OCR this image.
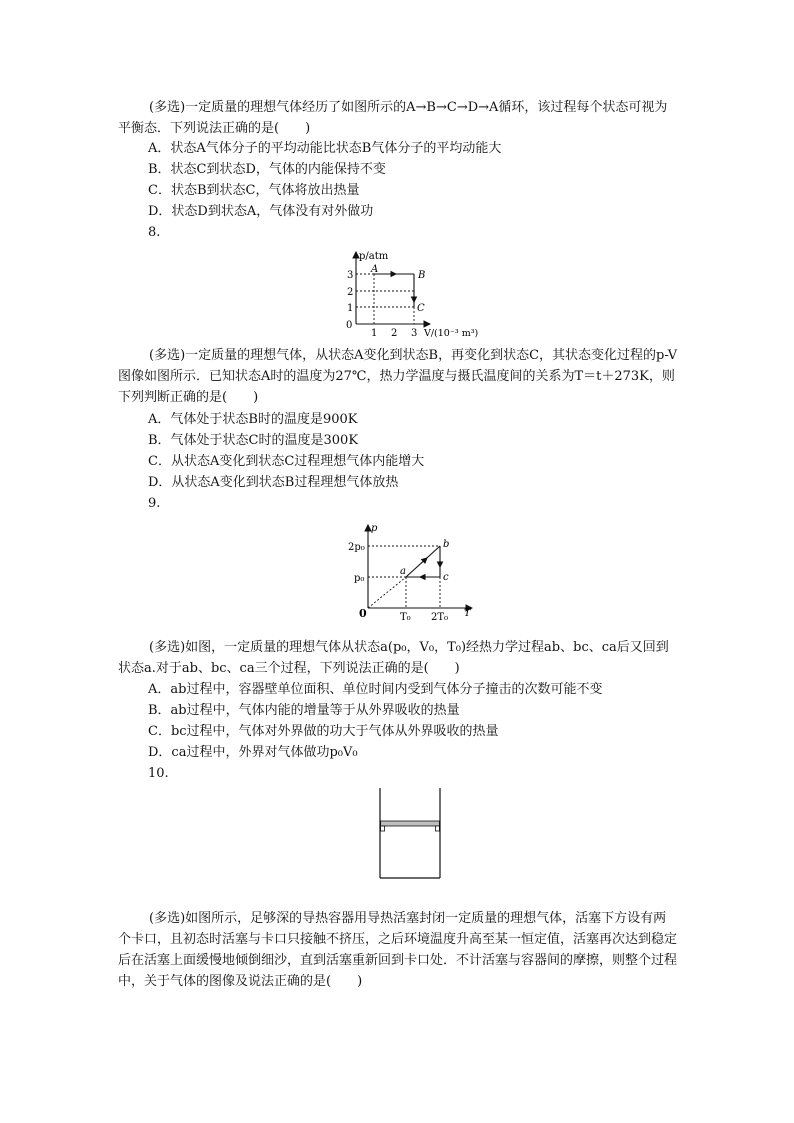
(多选)一定质量的理想气体经历了如图所示的A→B→C→D→A循环，该过程每个状态可视为平衡态．下列说法正确的是(　　)

A．状态A气体分子的平均动能比状态B气体分子的平均动能大
B．状态C到状态D，气体的内能保持不变
C．状态B到状态C，气体将放出热量
D．状态D到状态A，气体没有对外做功
8.
p/atm
0
3
2
1
1 2 3 V/(10⁻³ m³)
A
B
C

(多选)一定质量的理想气体，从状态A变化到状态B，再变化到状态C，其状态变化过程的p-V图像如图所示．已知状态A时的温度为27℃，热力学温度与摄氏温度间的关系为T＝t＋273K，则下列判断正确的是(　　)

A．气体处于状态B时的温度是900K
B．气体处于状态C时的温度是300K
C．从状态A变化到状态C过程理想气体内能增大
D．从状态A变化到状态B过程理想气体放热
9.
p
0
2p₀
p₀
T₀ 2T₀ T
a
b
c

(多选)如图，一定质量的理想气体从状态a(p₀，V₀，T₀)经热力学过程ab、bc、ca后又回到状态a.对于ab、bc、ca三个过程，下列说法正确的是(　　)

A．ab过程中，容器壁单位面积、单位时间内受到气体分子撞击的次数可能不变
B．ab过程中，气体内能的增量等于从外界吸收的热量
C．bc过程中，气体对外界做的功大于气体从外界吸收的热量
D．ca过程中，外界对气体做功p₀V₀
10.

(多选)如图所示，足够深的导热容器用导热活塞封闭一定质量的理想气体，活塞下方设有两个卡口，且初态时活塞与卡口只接触不挤压，之后环境温度升高至某一恒定值，活塞再次达到稳定后在活塞上面缓慢地倾倒细沙，直到活塞重新回到卡口处．不计活塞与容器间的摩擦，则整个过程中，关于气体的图像及说法正确的是(　　)
